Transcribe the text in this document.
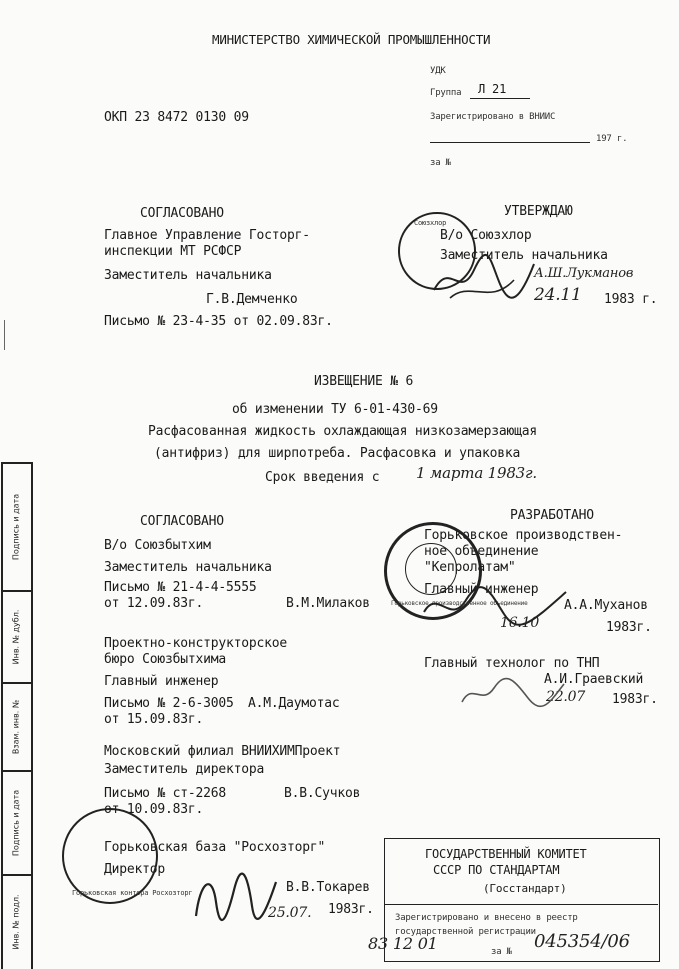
МИНИСТЕРСТВО ХИМИЧЕСКОЙ ПРОМЫШЛЕННОСТИ
УДК
Группа Л 21
Зарегистрировано в ВНИИС
197 г.
за №
ОКП 23 8472 0130 09
СОГЛАСОВАНО
Главное Управление Госторг-
инспекции МТ РСФСР
Заместитель начальника
Г.В.Демченко
Письмо № 23-4-35 от 02.09.83г.
УТВЕРЖДАЮ
В/о Союзхлор
Заместитель начальника
А.Ш.Лукманов
24.11 1983 г.
Союзхлор
ИЗВЕЩЕНИЕ № 6
об изменении ТУ 6-01-430-69
Расфасованная жидкость охлаждающая низкозамерзающая
(антифриз) для ширпотреба. Расфасовка и упаковка
Срок введения с 1 марта 1983г.
СОГЛАСОВАНО
В/о Союзбытхим
Заместитель начальника
Письмо № 21-4-4-5555
от 12.09.83г.	В.М.Милаков
Проектно-конструкторское
бюро Союзбытхима
Главный инженер
Письмо № 2-6-3005 А.М.Даумотас
от 15.09.83г.
Московский филиал ВНИИХИМПроект
Заместитель директора
Письмо № ст-2268	В.В.Сучков
от 10.09.83г.
Горьковская база "Росхозторг"
Директор
В.В.Токарев
25.07. 1983г.
Горьковская контора Росхозторг
РАЗРАБОТАНО
Горьковское производствен-
ное объединение
"Кепролатам"
Главный инженер
А.А.Муханов
16.10	1983г.
Главный технолог по ТНП
А.И.Граевский
22.07 1983г.
Горьковское производственное объединение
ГОСУДАРСТВЕННЫЙ КОМИТЕТ
СССР ПО СТАНДАРТАМ
(Госстандарт)
Зарегистрировано и внесено в реестр
государственной регистрации
за №
83 12 01	045354/06
Подпись и дата
Инв. № дубл.
Взам. инв. №
Подпись и дата
Инв. № подл.
